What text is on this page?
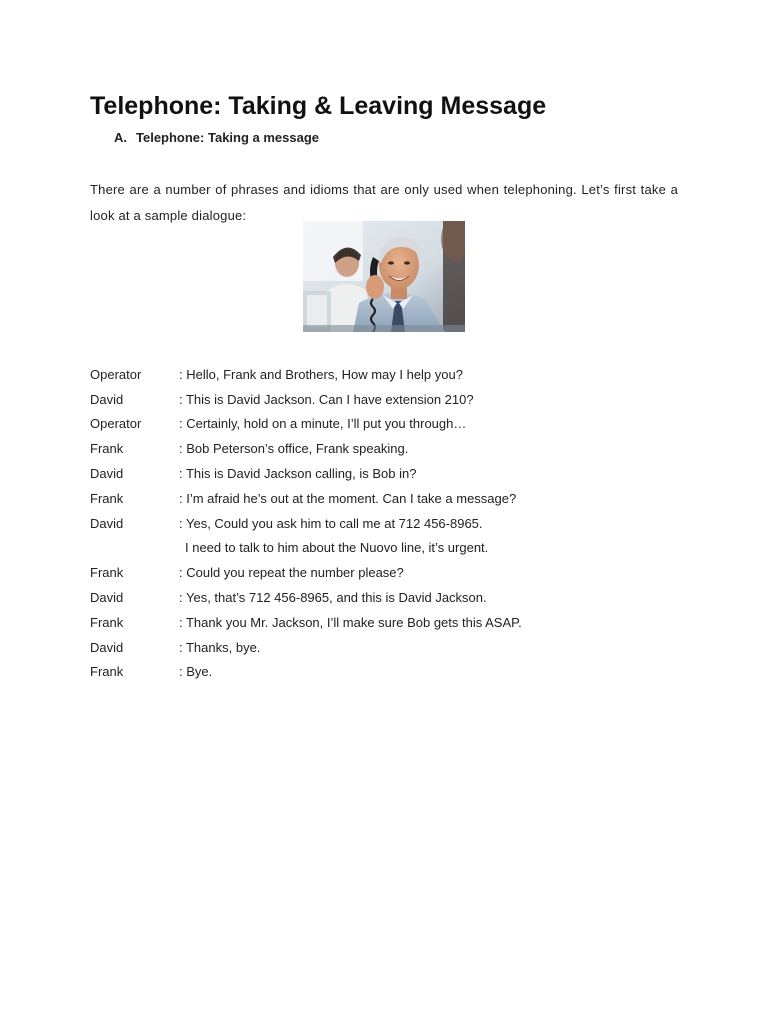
Telephone: Taking & Leaving Message
A. Telephone: Taking a message

There are a number of phrases and idioms that are only used when telephoning. Let’s first take a look at a sample dialogue:

Operator	: Hello, Frank and Brothers, How may I help you?
David	: This is David Jackson. Can I have extension 210?
Operator	: Certainly, hold on a minute, I’ll put you through…
Frank	: Bob Peterson’s office, Frank speaking.
David	: This is David Jackson calling, is Bob in?
Frank	: I’m afraid he’s out at the moment. Can I take a message?
David	: Yes, Could you ask him to call me at 712 456-8965.
I need to talk to him about the Nuovo line, it’s urgent.
Frank	: Could you repeat the number please?
David	: Yes, that’s 712 456-8965, and this is David Jackson.
Frank	: Thank you Mr. Jackson, I’ll make sure Bob gets this ASAP.
David	: Thanks, bye.
Frank	: Bye.
